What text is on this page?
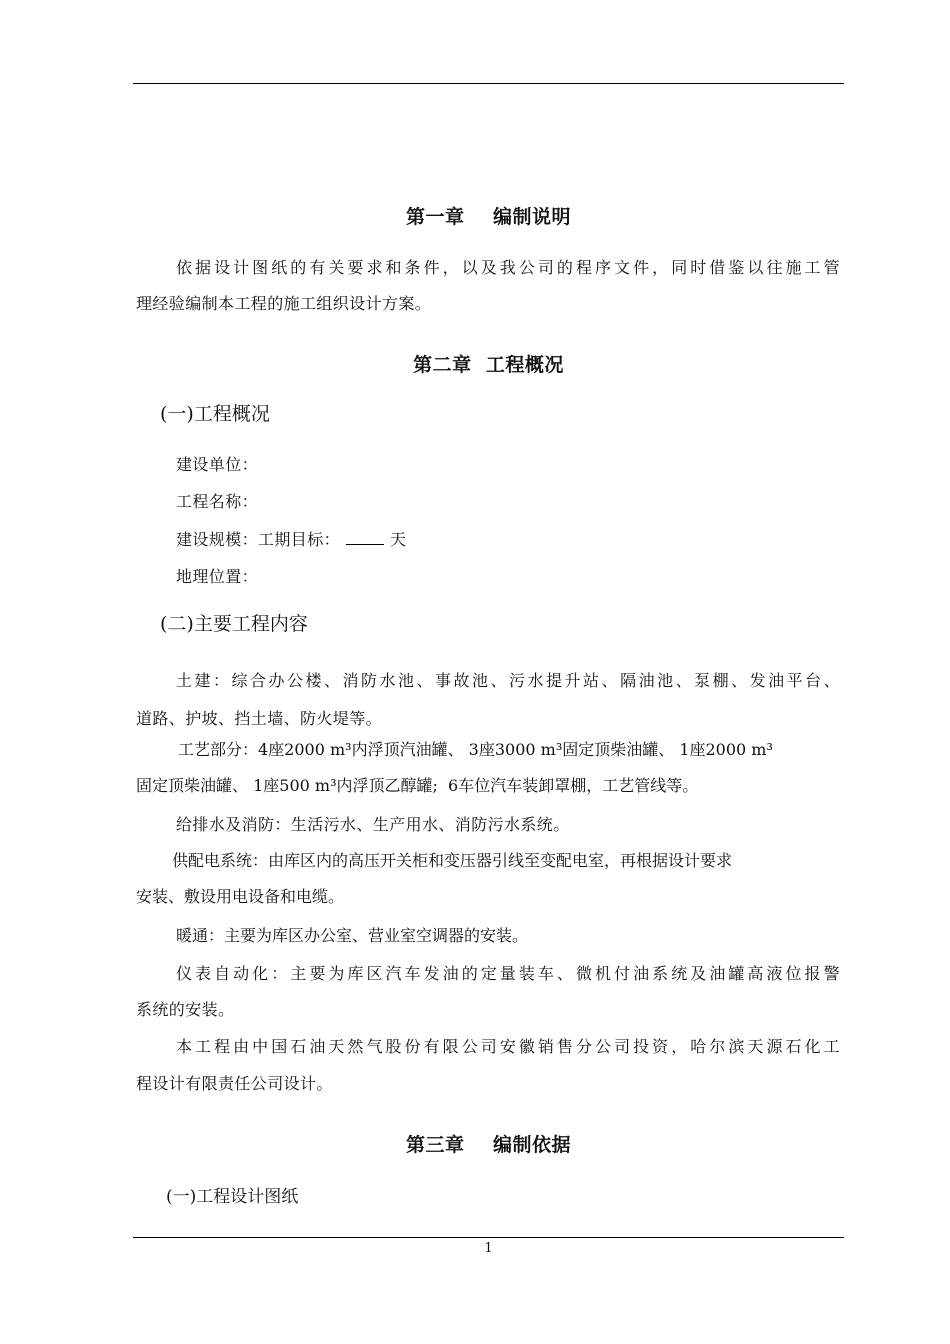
第一章    编制说明
依据设计图纸的有关要求和条件，以及我公司的程序文件，同时借鉴以往施工管
理经验编制本工程的施工组织设计方案。
第二章  工程概况
(一)工程概况
建设单位：
工程名称：
建设规模：工期目标：	天
地理位置：
(二)主要工程内容
土建：综合办公楼、消防水池、事故池、污水提升站、隔油池、泵棚、发油平台、
道路、护坡、挡土墙、防火堤等。
工艺部分：4座2000 m³内浮顶汽油罐、 3座3000 m³固定顶柴油罐、 1座2000 m³
固定顶柴油罐、 1座500 m³内浮顶乙醇罐;  6车位汽车装卸罩棚，工艺管线等。
给排水及消防：生活污水、生产用水、消防污水系统。
供配电系统：由库区内的高压开关柜和变压器引线至变配电室，再根据设计要求
安装、敷设用电设备和电缆。
暖通：主要为库区办公室、营业室空调器的安装。
仪表自动化：主要为库区汽车发油的定量装车、微机付油系统及油罐高液位报警
系统的安装。
本工程由中国石油天然气股份有限公司安徽销售分公司投资，哈尔滨天源石化工
程设计有限责任公司设计。
第三章    编制依据
(一)工程设计图纸
1
